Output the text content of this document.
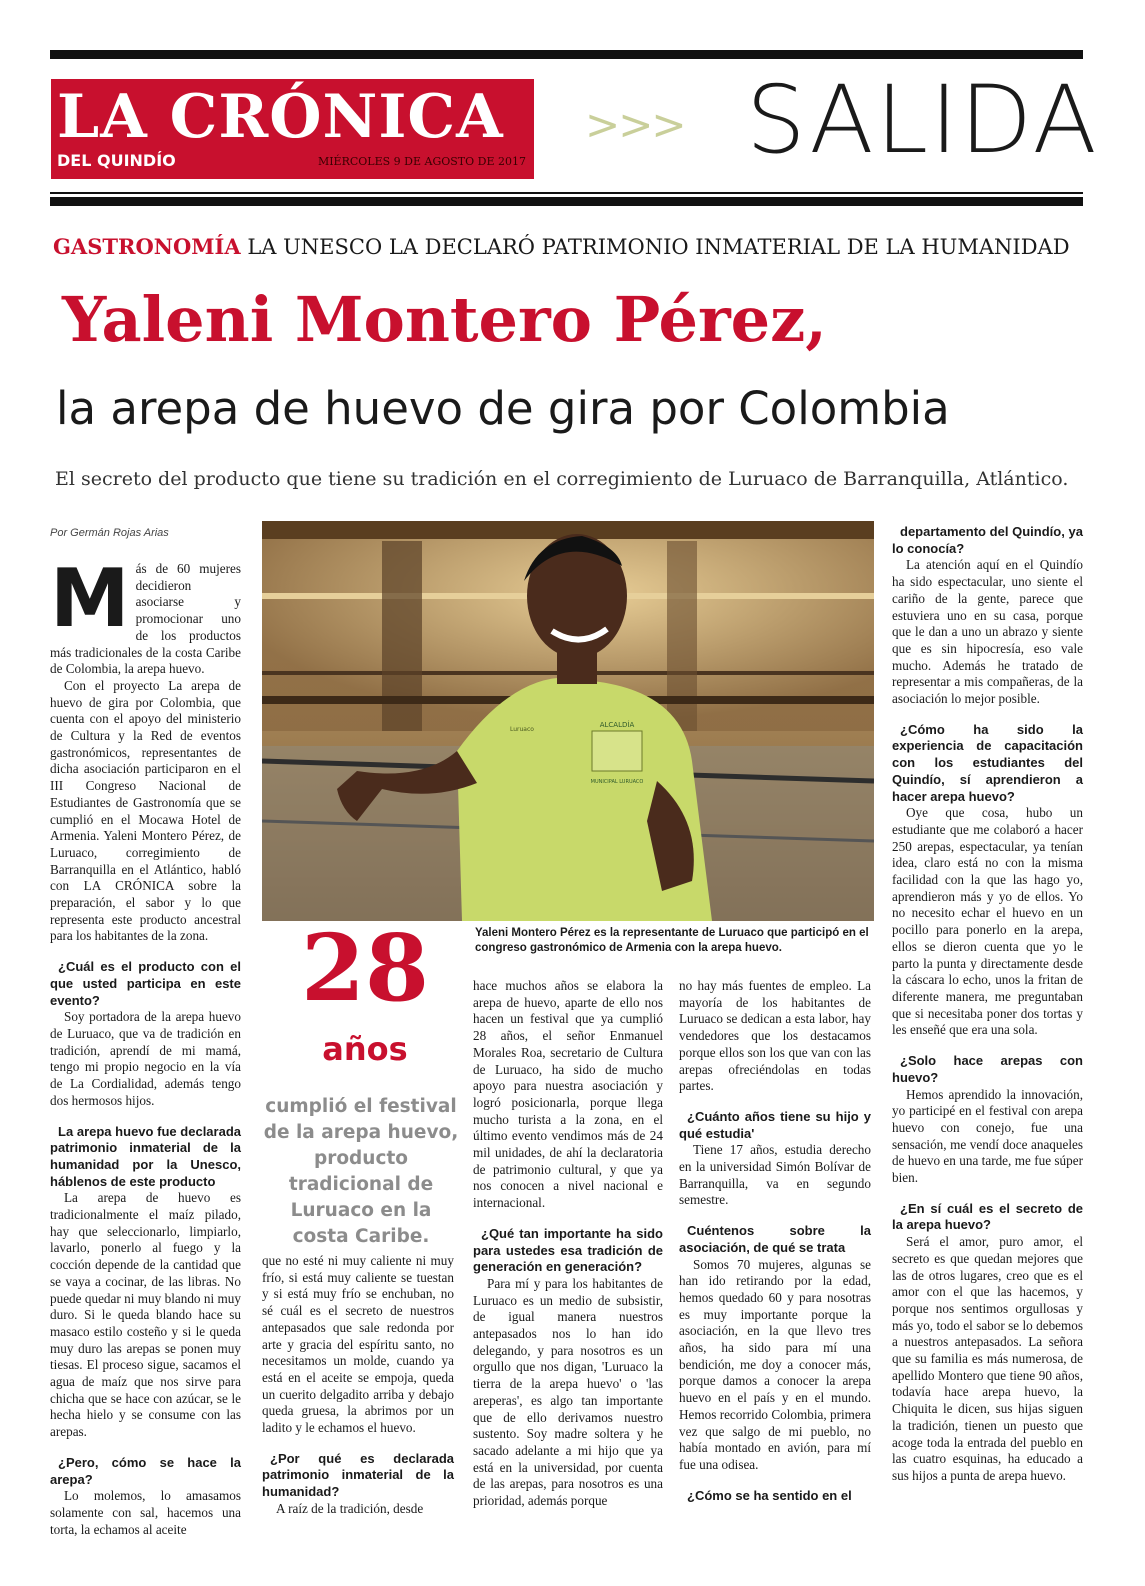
LA CRÓNICA
DEL QUINDÍO	MIÉRCOLES 9 DE AGOSTO DE 2017
>>> SALIDA
GASTRONOMÍA LA UNESCO LA DECLARÓ PATRIMONIO INMATERIAL DE LA HUMANIDAD
Yaleni Montero Pérez,
la arepa de huevo de gira por Colombia
El secreto del producto que tiene su tradición en el corregimiento de Luruaco de Barranquilla, Atlántico.
Por Germán Rojas Arias

Más de 60 mujeres decidieron asociarse y promocionar uno de los productos más tradicionales de la costa Caribe de Colombia, la arepa huevo.

Con el proyecto La arepa de huevo de gira por Colombia, que cuenta con el apoyo del ministerio de Cultura y la Red de eventos gastronómicos, representantes de dicha asociación participaron en el III Congreso Nacional de Estudiantes de Gastronomía que se cumplió en el Mocawa Hotel de Armenia. Yaleni Montero Pérez, de Luruaco, corregimiento de Barranquilla en el Atlántico, habló con LA CRÓNICA sobre la preparación, el sabor y lo que representa este producto ancestral para los habitantes de la zona.

¿Cuál es el producto con el que usted participa en este evento?

Soy portadora de la arepa huevo de Luruaco, que va de tradición en tradición, aprendí de mi mamá, tengo mi propio negocio en la vía de La Cordialidad, además tengo dos hermosos hijos.

La arepa huevo fue declarada patrimonio inmaterial de la humanidad por la Unesco, háblenos de este producto

La arepa de huevo es tradicionalmente el maíz pilado, hay que seleccionarlo, limpiarlo, lavarlo, ponerlo al fuego y la cocción depende de la cantidad que se vaya a cocinar, de las libras. No puede quedar ni muy blando ni muy duro. Si le queda blando hace su masaco estilo costeño y si le queda muy duro las arepas se ponen muy tiesas. El proceso sigue, sacamos el agua de maíz que nos sirve para chicha que se hace con azúcar, se le hecha hielo y se consume con las arepas.

¿Pero, cómo se hace la arepa?

Lo molemos, lo amasamos solamente con sal, hacemos una torta, la echamos al aceite

ALCALDÍA
MUNICIPAL LURUACO
Luruaco
Yaleni Montero Pérez es la representante de Luruaco que participó en el congreso gastronómico de Armenia con la arepa huevo.
28
años
cumplió el festival de la arepa huevo, producto tradicional de Luruaco en la costa Caribe.

que no esté ni muy caliente ni muy frío, si está muy caliente se tuestan y si está muy frío se enchuban, no sé cuál es el secreto de nuestros antepasados que sale redonda por arte y gracia del espíritu santo, no necesitamos un molde, cuando ya está en el aceite se empoja, queda un cuerito delgadito arriba y debajo queda gruesa, la abrimos por un ladito y le echamos el huevo.

¿Por qué es declarada patrimonio inmaterial de la humanidad?

A raíz de la tradición, desde

hace muchos años se elabora la arepa de huevo, aparte de ello nos hacen un festival que ya cumplió 28 años, el señor Enmanuel Morales Roa, secretario de Cultura de Luruaco, ha sido de mucho apoyo para nuestra asociación y logró posicionarla, porque llega mucho turista a la zona, en el último evento vendimos más de 24 mil unidades, de ahí la declaratoria de patrimonio cultural, y que ya nos conocen a nivel nacional e internacional.

¿Qué tan importante ha sido para ustedes esa tradición de generación en generación?

Para mí y para los habitantes de Luruaco es un medio de subsistir, de igual manera nuestros antepasados nos lo han ido delegando, y para nosotros es un orgullo que nos digan, 'Luruaco la tierra de la arepa huevo' o 'las areperas', es algo tan importante que de ello derivamos nuestro sustento. Soy madre soltera y he sacado adelante a mi hijo que ya está en la universidad, por cuenta de las arepas, para nosotros es una prioridad, además porque

no hay más fuentes de empleo. La mayoría de los habitantes de Luruaco se dedican a esta labor, hay vendedores que los destacamos porque ellos son los que van con las arepas ofreciéndolas en todas partes.

¿Cuánto años tiene su hijo y qué estudia'

Tiene 17 años, estudia derecho en la universidad Simón Bolívar de Barranquilla, va en segundo semestre.

Cuéntenos sobre la asociación, de qué se trata

Somos 70 mujeres, algunas se han ido retirando por la edad, hemos quedado 60 y para nosotras es muy importante porque la asociación, en la que llevo tres años, ha sido para mí una bendición, me doy a conocer más, porque damos a conocer la arepa huevo en el país y en el mundo. Hemos recorrido Colombia, primera vez que salgo de mi pueblo, no había montado en avión, para mí fue una odisea.

¿Cómo se ha sentido en el

departamento del Quindío, ya lo conocía?

La atención aquí en el Quindío ha sido espectacular, uno siente el cariño de la gente, parece que estuviera uno en su casa, porque que le dan a uno un abrazo y siente que es sin hipocresía, eso vale mucho. Además he tratado de representar a mis compañeras, de la asociación lo mejor posible.

¿Cómo ha sido la experiencia de capacitación con los estudiantes del Quindío, sí aprendieron a hacer arepa huevo?

Oye que cosa, hubo un estudiante que me colaboró a hacer 250 arepas, espectacular, ya tenían idea, claro está no con la misma facilidad con la que las hago yo, aprendieron más y yo de ellos. Yo no necesito echar el huevo en un pocillo para ponerlo en la arepa, ellos se dieron cuenta que yo le parto la punta y directamente desde la cáscara lo echo, unos la fritan de diferente manera, me preguntaban que si necesitaba poner dos tortas y les enseñé que era una sola.

¿Solo hace arepas con huevo?

Hemos aprendido la innovación, yo participé en el festival con arepa huevo con conejo, fue una sensación, me vendí doce anaqueles de huevo en una tarde, me fue súper bien.

¿En sí cuál es el secreto de la arepa huevo?

Será el amor, puro amor, el secreto es que quedan mejores que las de otros lugares, creo que es el amor con el que las hacemos, y porque nos sentimos orgullosas y más yo, todo el sabor se lo debemos a nuestros antepasados. La señora que su familia es más numerosa, de apellido Montero que tiene 90 años, todavía hace arepa huevo, la Chiquita le dicen, sus hijas siguen la tradición, tienen un puesto que acoge toda la entrada del pueblo en las cuatro esquinas, ha educado a sus hijos a punta de arepa huevo.
